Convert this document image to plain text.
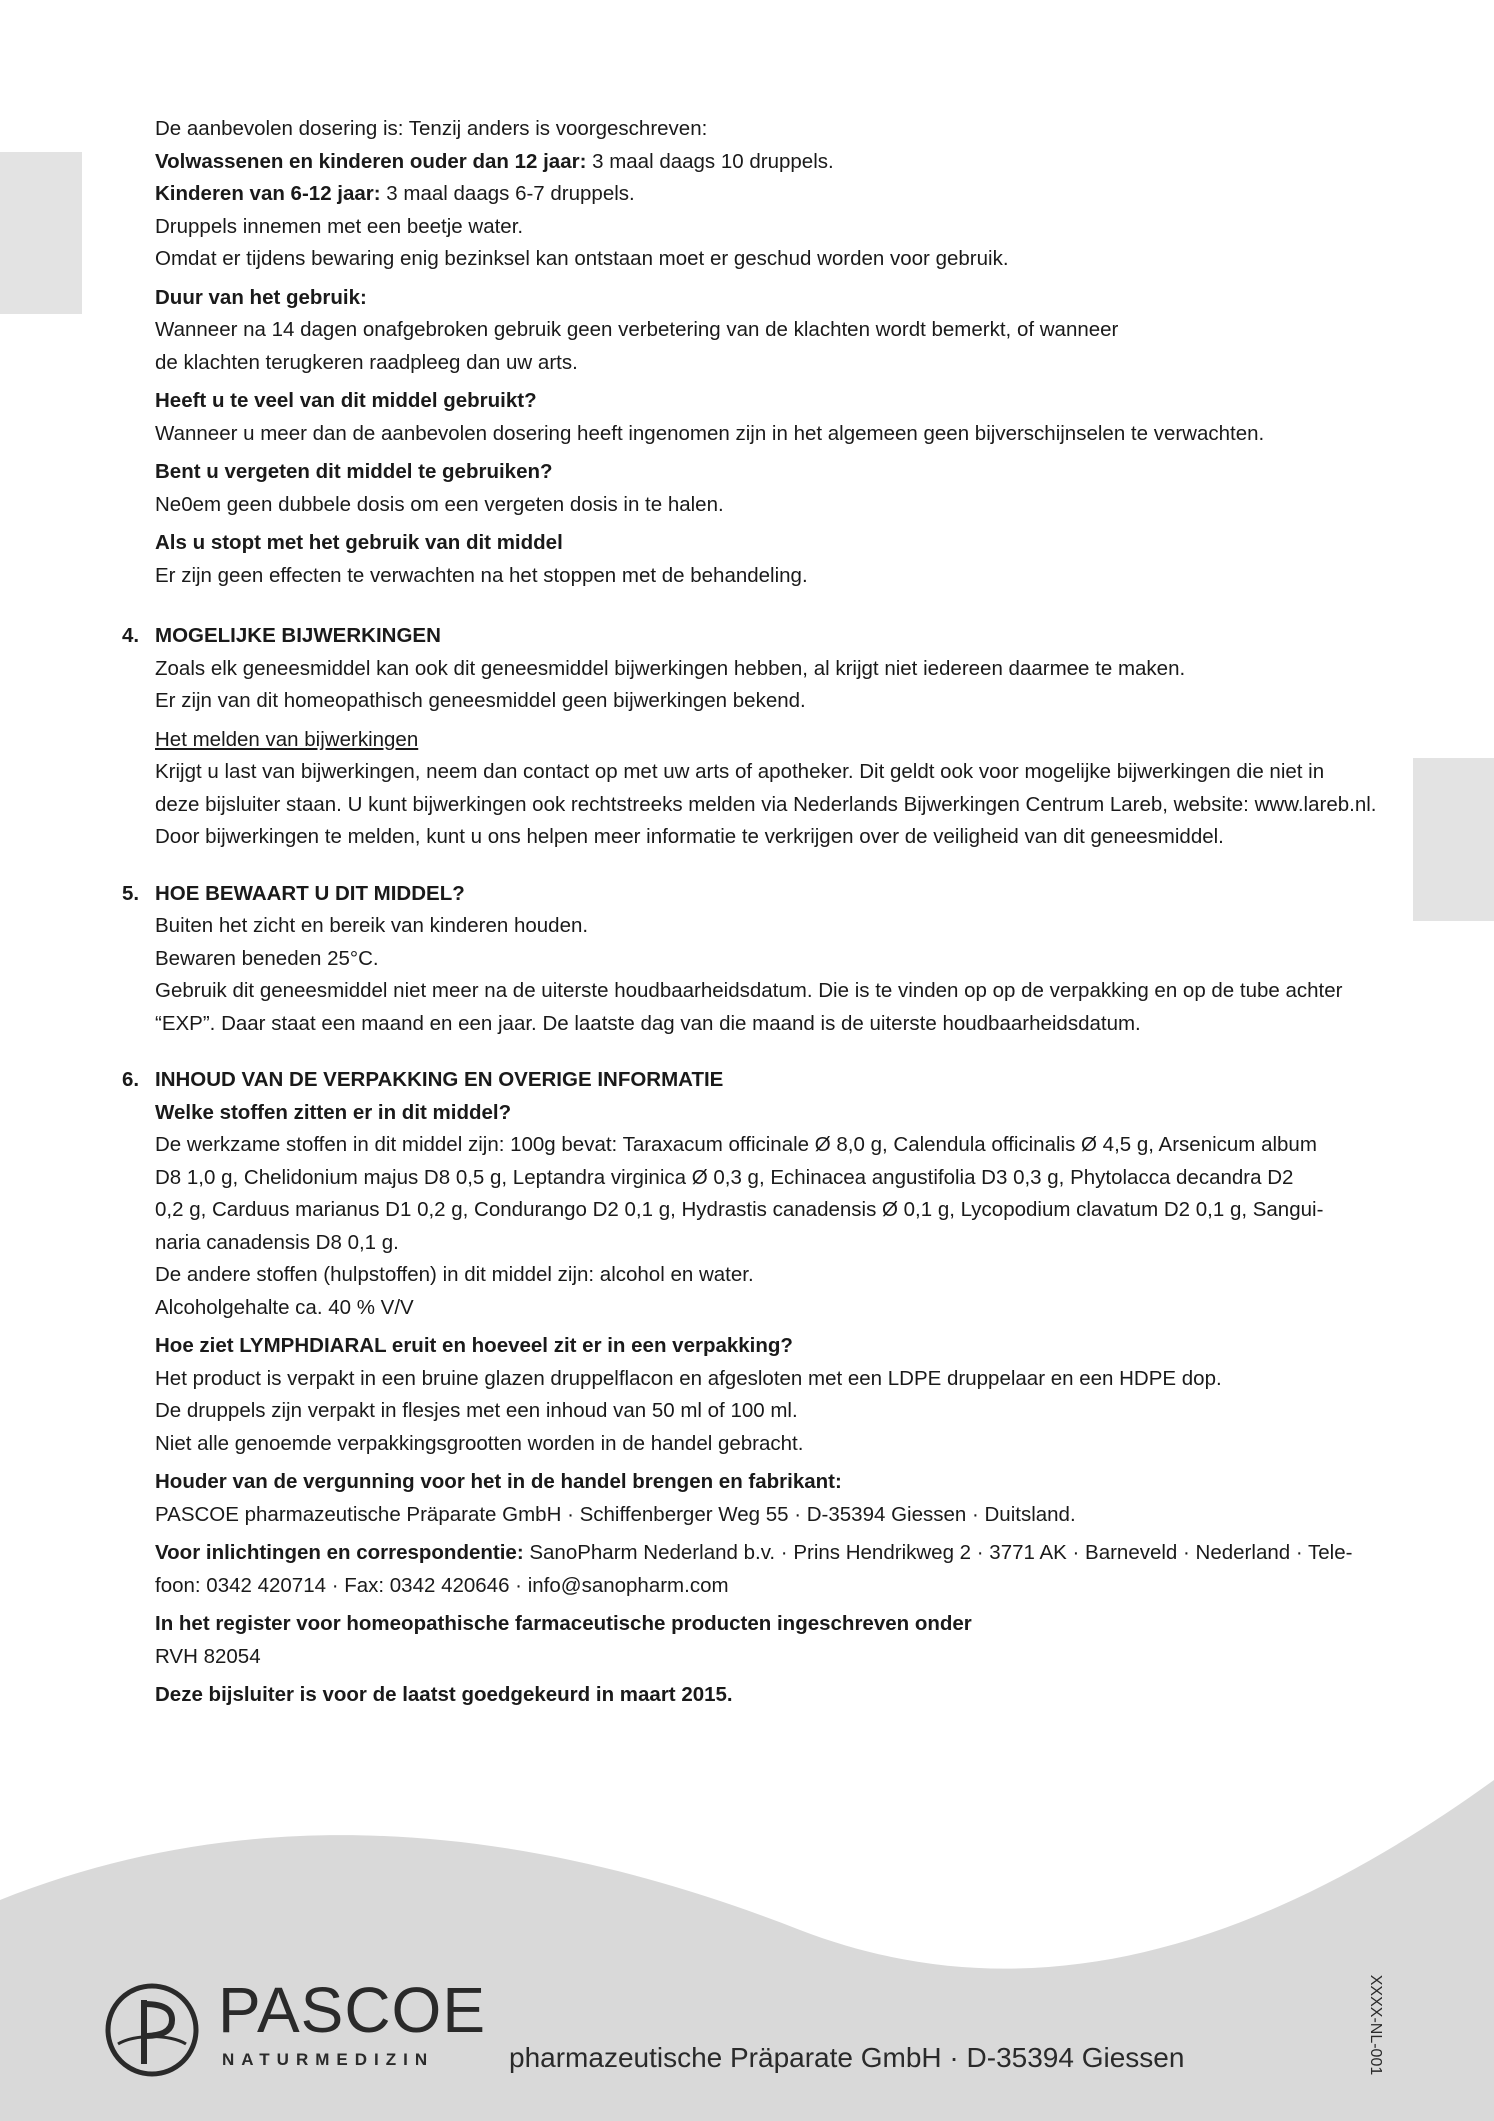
De aanbevolen dosering is: Tenzij anders is voorgeschreven:
Volwassenen en kinderen ouder dan 12 jaar: 3 maal daags 10 druppels.
Kinderen van 6-12 jaar: 3 maal daags 6-7 druppels.
Druppels innemen met een beetje water.
Omdat er tijdens bewaring enig bezinksel kan ontstaan moet er geschud worden voor gebruik.
Duur van het gebruik:
Wanneer na 14 dagen onafgebroken gebruik geen verbetering van de klachten wordt bemerkt, of wanneer
de klachten terugkeren raadpleeg dan uw arts.
Heeft u te veel van dit middel gebruikt?
Wanneer u meer dan de aanbevolen dosering heeft ingenomen zijn in het algemeen geen bijverschijnselen te verwachten.
Bent u vergeten dit middel te gebruiken?
Ne0em geen dubbele dosis om een vergeten dosis in te halen.
Als u stopt met het gebruik van dit middel
Er zijn geen effecten te verwachten na het stoppen met de behandeling.
4. MOGELIJKE BIJWERKINGEN
Zoals elk geneesmiddel kan ook dit geneesmiddel bijwerkingen hebben, al krijgt niet iedereen daarmee te maken.
Er zijn van dit homeopathisch geneesmiddel geen bijwerkingen bekend.
Het melden van bijwerkingen
Krijgt u last van bijwerkingen, neem dan contact op met uw arts of apotheker. Dit geldt ook voor mogelijke bijwerkingen die niet in
deze bijsluiter staan. U kunt bijwerkingen ook rechtstreeks melden via Nederlands Bijwerkingen Centrum Lareb, website: www.lareb.nl.
Door bijwerkingen te melden, kunt u ons helpen meer informatie te verkrijgen over de veiligheid van dit geneesmiddel.
5. HOE BEWAART U DIT MIDDEL?
Buiten het zicht en bereik van kinderen houden.
Bewaren beneden 25°C.
Gebruik dit geneesmiddel niet meer na de uiterste houdbaarheidsdatum. Die is te vinden op op de verpakking en op de tube achter
“EXP”. Daar staat een maand en een jaar. De laatste dag van die maand is de uiterste houdbaarheidsdatum.
6. INHOUD VAN DE VERPAKKING EN OVERIGE INFORMATIE
Welke stoffen zitten er in dit middel?
De werkzame stoffen in dit middel zijn: 100g bevat: Taraxacum officinale Ø 8,0 g, Calendula officinalis Ø 4,5 g, Arsenicum album
D8 1,0 g, Chelidonium majus D8 0,5 g, Leptandra virginica Ø 0,3 g, Echinacea angustifolia D3 0,3 g, Phytolacca decandra D2
0,2 g, Carduus marianus D1 0,2 g, Condurango D2 0,1 g, Hydrastis canadensis Ø 0,1 g, Lycopodium clavatum D2 0,1 g, Sangui-
naria canadensis D8 0,1 g.
De andere stoffen (hulpstoffen) in dit middel zijn: alcohol en water.
Alcoholgehalte ca. 40 % V/V
Hoe ziet LYMPHDIARAL eruit en hoeveel zit er in een verpakking?
Het product is verpakt in een bruine glazen druppelflacon en afgesloten met een LDPE druppelaar en een HDPE dop.
De druppels zijn verpakt in flesjes met een inhoud van 50 ml of 100 ml.
Niet alle genoemde verpakkingsgrootten worden in de handel gebracht.
Houder van de vergunning voor het in de handel brengen en fabrikant:
PASCOE pharmazeutische Präparate GmbH · Schiffenberger Weg 55 · D-35394 Giessen · Duitsland.
Voor inlichtingen en correspondentie: SanoPharm Nederland b.v. · Prins Hendrikweg 2 · 3771 AK · Barneveld · Nederland · Tele-
foon: 0342 420714 · Fax: 0342 420646 · info@sanopharm.com
In het register voor homeopathische farmaceutische producten ingeschreven onder
RVH 82054
Deze bijsluiter is voor de laatst goedgekeurd in maart 2015.
PASCOE
NATURMEDIZIN	pharmazeutische Präparate GmbH · D-35394 Giessen	XXXX-NL-001
